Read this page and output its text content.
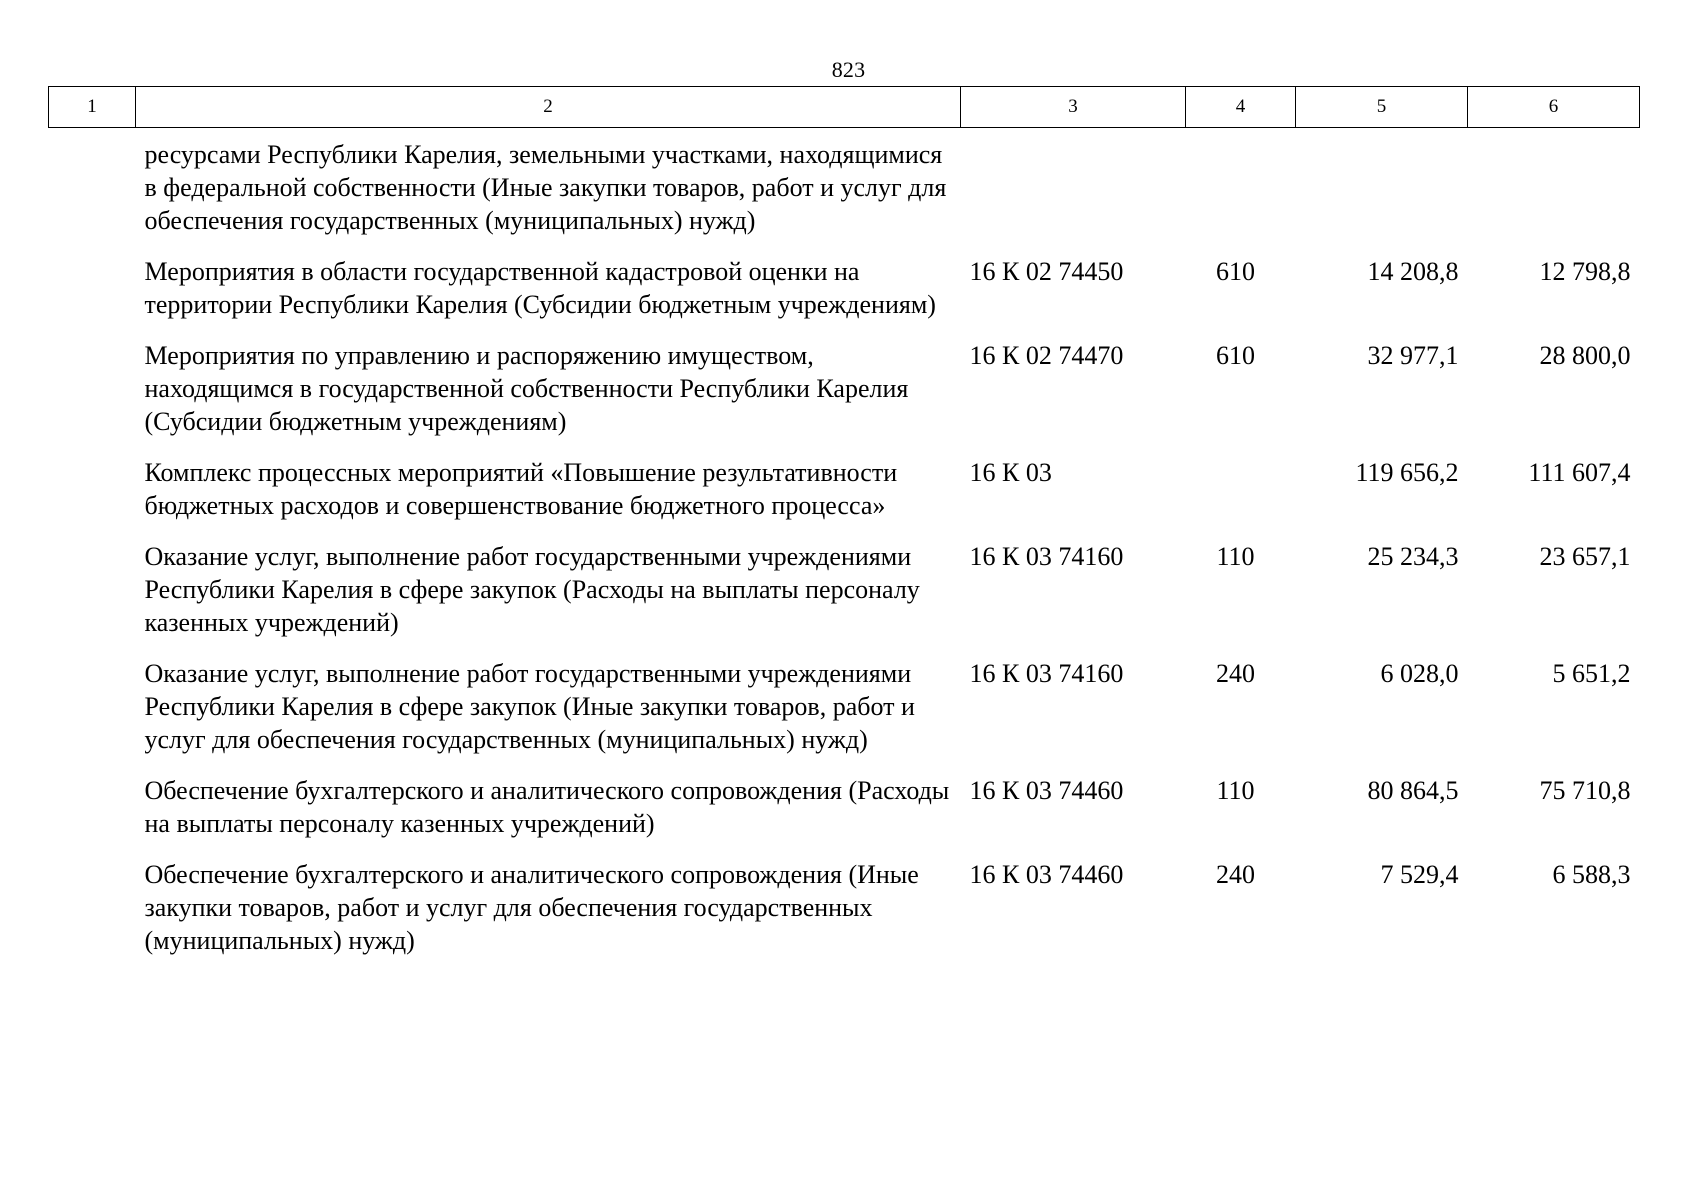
823
1	2	3	4	5	6
	ресурсами Республики Карелия, земельными участками, находящимися в федеральной собственности (Иные закупки товаров, работ и услуг для обеспечения государственных (муниципальных) нужд)				
	Мероприятия в области государственной кадастровой оценки на территории Республики Карелия (Субсидии бюджетным учреждениям)	16 К 02 74450	610	14 208,8	12 798,8
	Мероприятия по управлению и распоряжению имуществом, находящимся в государственной собственности Республики Карелия (Субсидии бюджетным учреждениям)	16 К 02 74470	610	32 977,1	28 800,0
	Комплекс процессных мероприятий «Повышение результативности бюджетных расходов и совершенствование бюджетного процесса»	16 К 03		119 656,2	111 607,4
	Оказание услуг, выполнение работ государственными учреждениями Республики Карелия в сфере закупок (Расходы на выплаты персоналу казенных учреждений)	16 К 03 74160	110	25 234,3	23 657,1
	Оказание услуг, выполнение работ государственными учреждениями Республики Карелия в сфере закупок (Иные закупки товаров, работ и услуг для обеспечения государственных (муниципальных) нужд)	16 К 03 74160	240	6 028,0	5 651,2
	Обеспечение бухгалтерского и аналитического сопровождения (Расходы на выплаты персоналу казенных учреждений)	16 К 03 74460	110	80 864,5	75 710,8
	Обеспечение бухгалтерского и аналитического сопровождения (Иные закупки товаров, работ и услуг для обеспечения государственных (муниципальных) нужд)	16 К 03 74460	240	7 529,4	6 588,3
